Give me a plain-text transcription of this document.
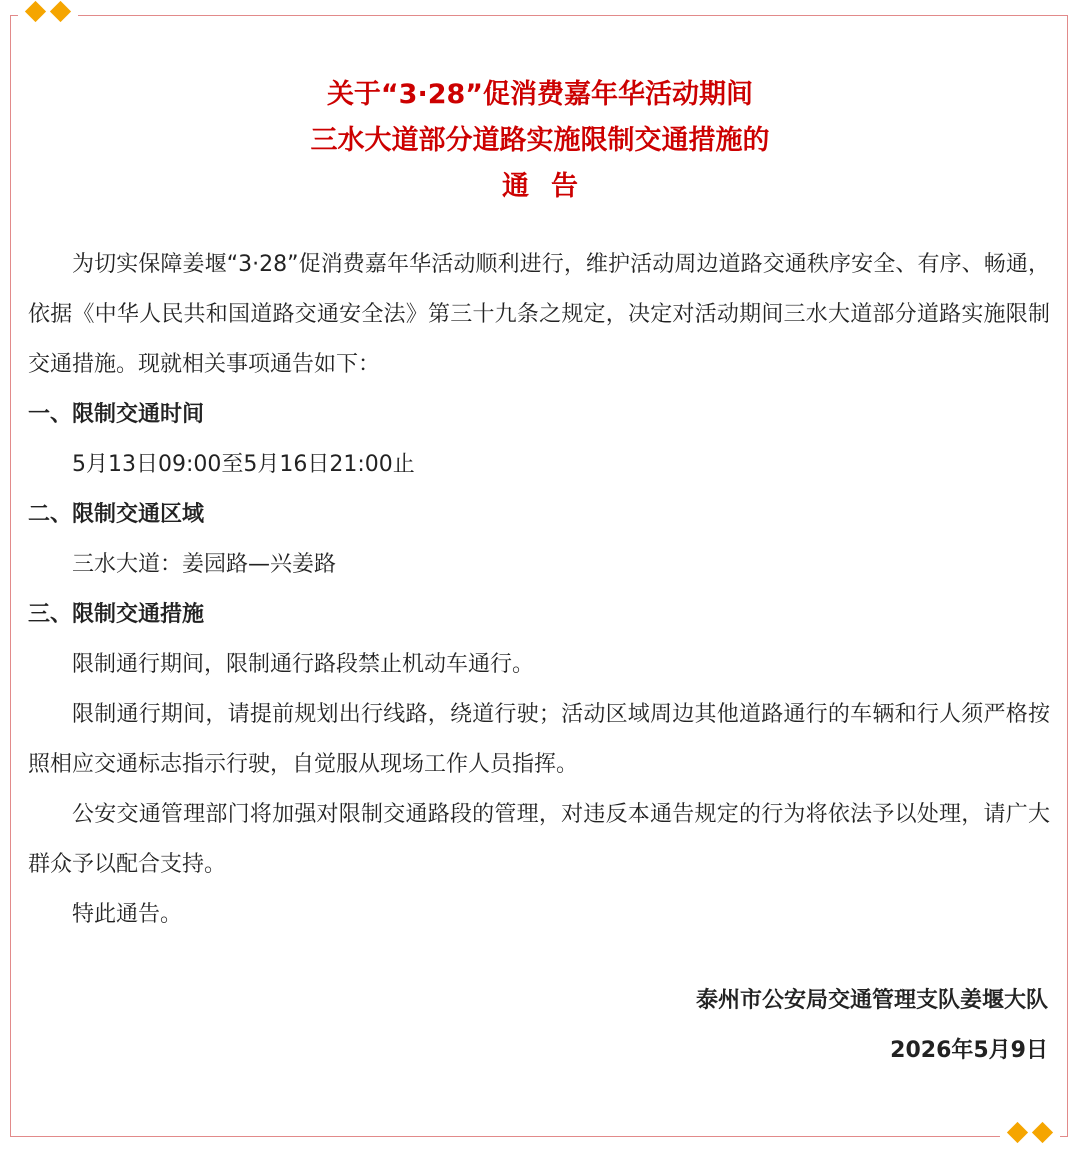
关于“3·28”促消费嘉年华活动期间
三水大道部分道路实施限制交通措施的
通告

为切实保障姜堰“3·28”促消费嘉年华活动顺利进行，维护活动周边道路交通秩序安全、有序、畅通，依据《中华人民共和国道路交通安全法》第三十九条之规定，决定对活动期间三水大道部分道路实施限制交通措施。现就相关事项通告如下：

一、限制交通时间

5月13日09:00至5月16日21:00止

二、限制交通区域

三水大道：姜园路—兴姜路

三、限制交通措施

限制通行期间，限制通行路段禁止机动车通行。

限制通行期间，请提前规划出行线路，绕道行驶；活动区域周边其他道路通行的车辆和行人须严格按照相应交通标志指示行驶，自觉服从现场工作人员指挥。

公安交通管理部门将加强对限制交通路段的管理，对违反本通告规定的行为将依法予以处理，请广大群众予以配合支持。

特此通告。

泰州市公安局交通管理支队姜堰大队
2026年5月9日
